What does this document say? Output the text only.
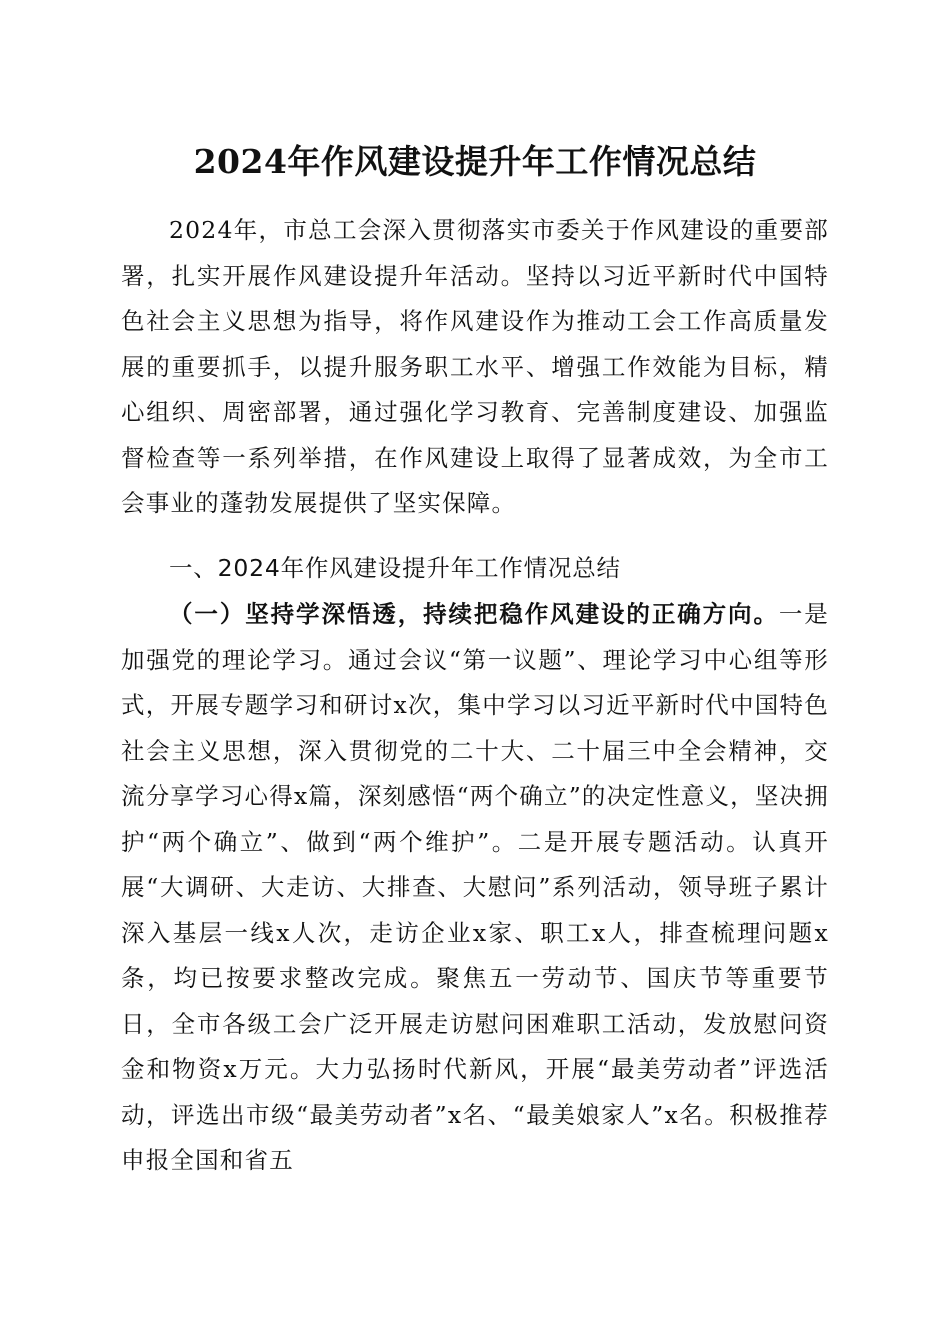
2024年作风建设提升年工作情况总结

2024年，市总工会深入贯彻落实市委关于作风建设的重要部署，扎实开展作风建设提升年活动。坚持以习近平新时代中国特色社会主义思想为指导，将作风建设作为推动工会工作高质量发展的重要抓手，以提升服务职工水平、增强工作效能为目标，精心组织、周密部署，通过强化学习教育、完善制度建设、加强监督检查等一系列举措，在作风建设上取得了显著成效，为全市工会事业的蓬勃发展提供了坚实保障。

一、2024年作风建设提升年工作情况总结

（一）坚持学深悟透，持续把稳作风建设的正确方向。一是加强党的理论学习。通过会议“第一议题”、理论学习中心组等形式，开展专题学习和研讨x次，集中学习以习近平新时代中国特色社会主义思想，深入贯彻党的二十大、二十届三中全会精神，交流分享学习心得x篇，深刻感悟“两个确立”的决定性意义，坚决拥护“两个确立”、做到“两个维护”。二是开展专题活动。认真开展“大调研、大走访、大排查、大慰问”系列活动，领导班子累计深入基层一线x人次，走访企业x家、职工x人，排查梳理问题x条，均已按要求整改完成。聚焦五一劳动节、国庆节等重要节日，全市各级工会广泛开展走访慰问困难职工活动，发放慰问资金和物资x万元。大力弘扬时代新风，开展“最美劳动者”评选活动，评选出市级“最美劳动者”x名、“最美娘家人”x名。积极推荐申报全国和省五
